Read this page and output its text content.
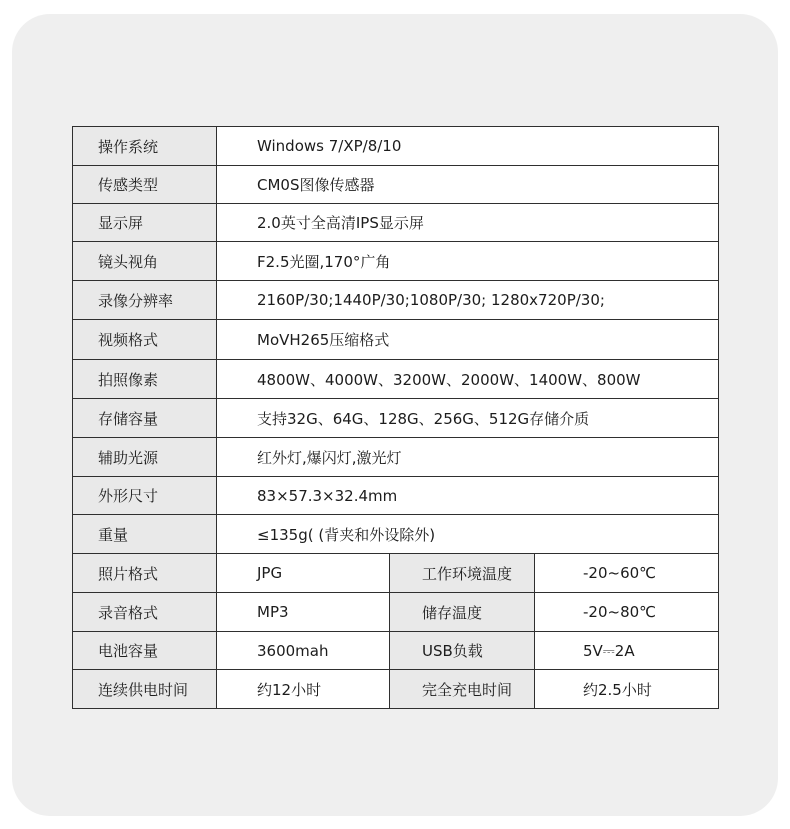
操作系统	Windows 7/XP/8/10		
传感类型	CM0S图像传感器		
显示屏	2.0英寸全高清IPS显示屏		
镜头视角	F2.5光圈,170°广角		
录像分辨率	2160P/30;1440P/30;1080P/30; 1280x720P/30;		
视频格式	MoVH265压缩格式		
拍照像素	4800W、4000W、3200W、2000W、1400W、800W		
存储容量	支持32G、64G、128G、256G、512G存储介质		
辅助光源	红外灯,爆闪灯,激光灯		
外形尺寸	83×57.3×32.4mm		
重量	≤135g( (背夹和外设除外)		
照片格式	JPG	工作环境温度	-20~60℃
录音格式	MP3	储存温度	-20~80℃
电池容量	3600mah	USB负载	5V⎓2A
连续供电时间	约12小时	完全充电时间	约2.5小时
